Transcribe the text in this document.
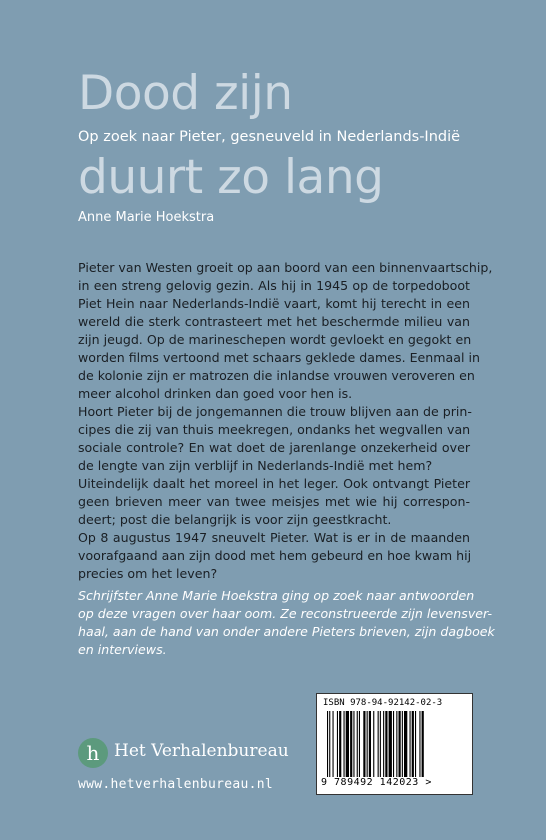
Dood zijn
Op zoek naar Pieter, gesneuveld in Nederlands-Indië
duurt zo lang
Anne Marie Hoekstra
Pieter van Westen groeit op aan boord van een binnenvaartschip,
in een streng gelovig gezin. Als hij in 1945 op de torpedoboot
Piet Hein naar Nederlands-Indië vaart, komt hij terecht in een
wereld die sterk contrasteert met het beschermde milieu van
zijn jeugd. Op de marineschepen wordt gevloekt en gegokt en
worden films vertoond met schaars geklede dames. Eenmaal in
de kolonie zijn er matrozen die inlandse vrouwen veroveren en
meer alcohol drinken dan goed voor hen is.
Hoort Pieter bij de jongemannen die trouw blijven aan de prin-
cipes die zij van thuis meekregen, ondanks het wegvallen van
sociale controle? En wat doet de jarenlange onzekerheid over
de lengte van zijn verblijf in Nederlands-Indië met hem?
Uiteindelijk daalt het moreel in het leger. Ook ontvangt Pieter
geen brieven meer van twee meisjes met wie hij correspon-
deert; post die belangrijk is voor zijn geestkracht.
Op 8 augustus 1947 sneuvelt Pieter. Wat is er in de maanden
voorafgaand aan zijn dood met hem gebeurd en hoe kwam hij
precies om het leven?
Schrijfster Anne Marie Hoekstra ging op zoek naar antwoorden
op deze vragen over haar oom. Ze reconstrueerde zijn levensver-
haal, aan de hand van onder andere Pieters brieven, zijn dagboek
en interviews.
h Het Verhalenbureau
www.hetverhalenbureau.nl
ISBN 978-94-92142-02-3
9 789492 142023 >
